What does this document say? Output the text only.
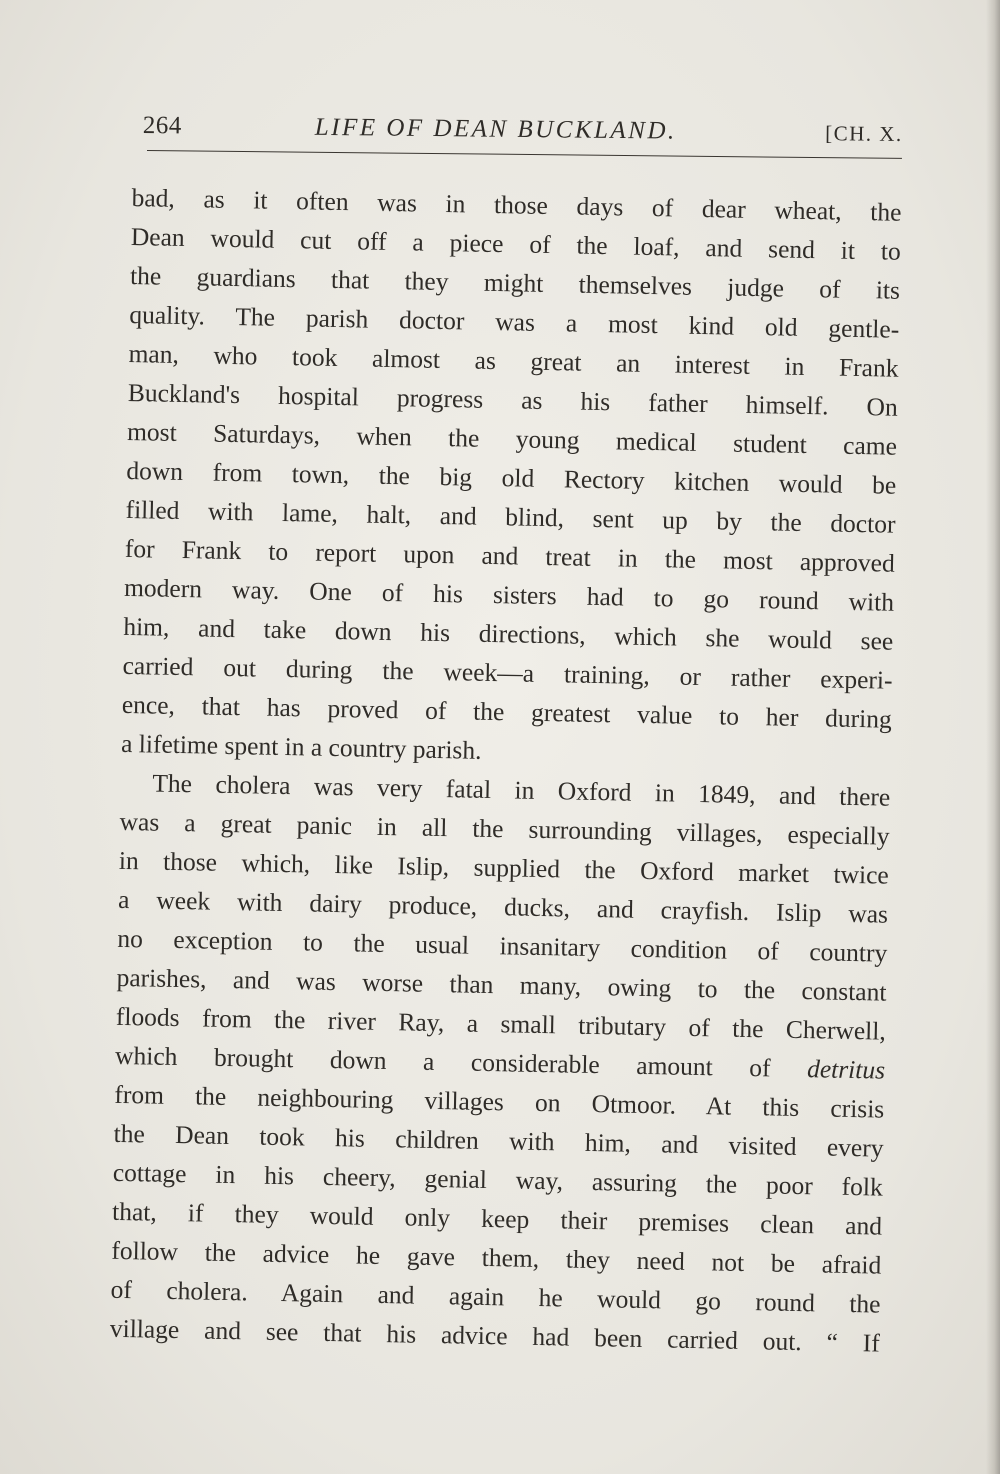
264	LIFE OF DEAN BUCKLAND.	[CH. X.
bad, as it often was in those days of dear wheat, the
Dean would cut off a piece of the loaf, and send it to
the guardians that they might themselves judge of its
quality. The parish doctor was a most kind old gentle-
man, who took almost as great an interest in Frank
Buckland's hospital progress as his father himself. On
most Saturdays, when the young medical student came
down from town, the big old Rectory kitchen would be
filled with lame, halt, and blind, sent up by the doctor
for Frank to report upon and treat in the most approved
modern way. One of his sisters had to go round with
him, and take down his directions, which she would see
carried out during the week—a training, or rather experi-
ence, that has proved of the greatest value to her during
a lifetime spent in a country parish.
The cholera was very fatal in Oxford in 1849, and there
was a great panic in all the surrounding villages, especially
in those which, like Islip, supplied the Oxford market twice
a week with dairy produce, ducks, and crayfish. Islip was
no exception to the usual insanitary condition of country
parishes, and was worse than many, owing to the constant
floods from the river Ray, a small tributary of the Cherwell,
which brought down a considerable amount of detritus
from the neighbouring villages on Otmoor. At this crisis
the Dean took his children with him, and visited every
cottage in his cheery, genial way, assuring the poor folk
that, if they would only keep their premises clean and
follow the advice he gave them, they need not be afraid
of cholera. Again and again he would go round the
village and see that his advice had been carried out. “ If
